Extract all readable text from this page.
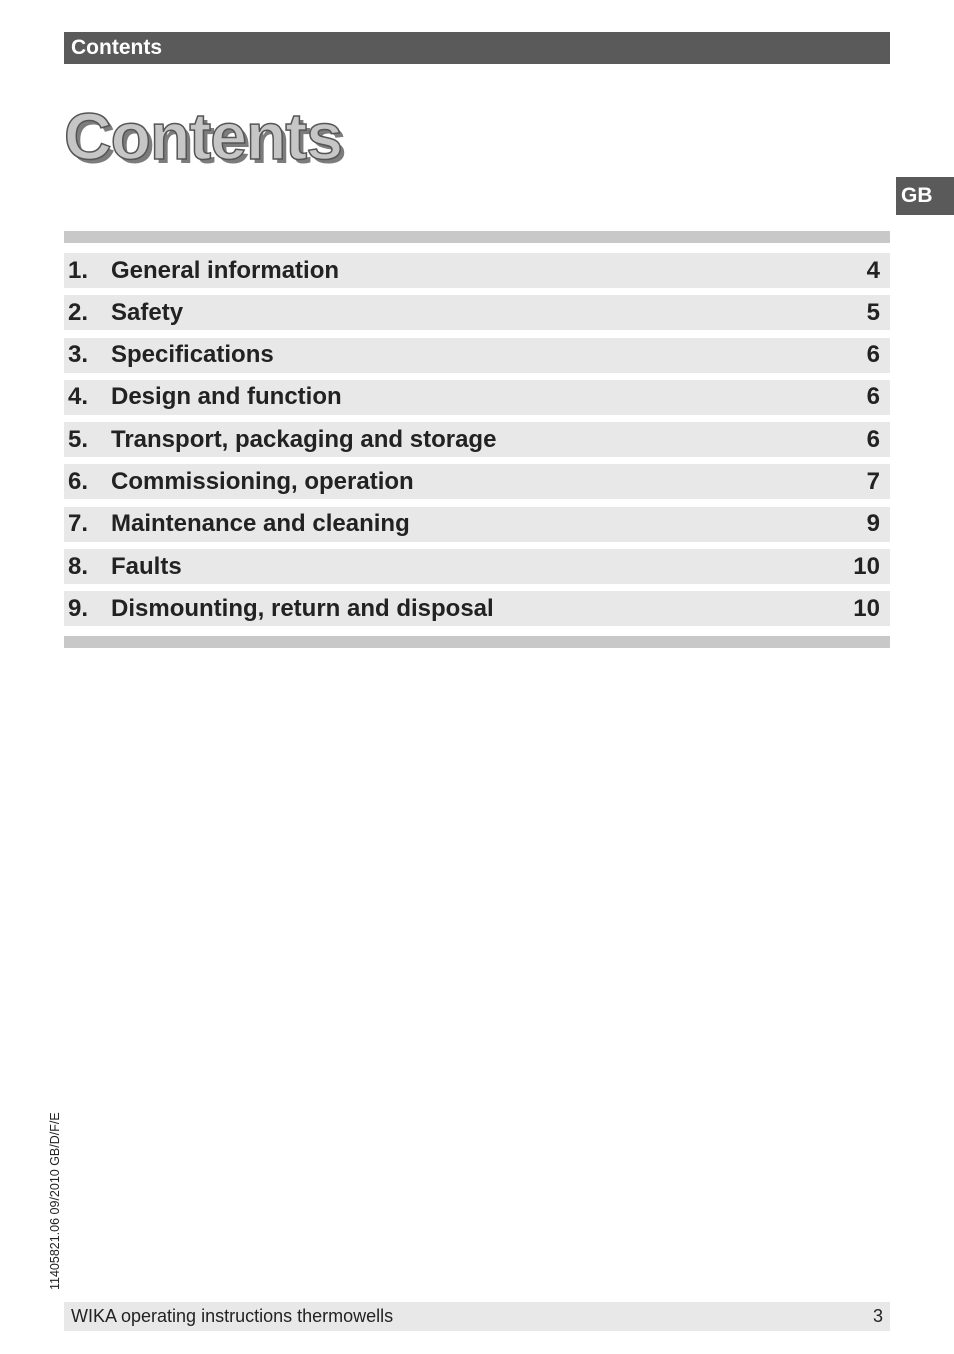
Contents
Contents
GB
1. General information	4
2. Safety	5
3. Specifications	6
4. Design and function	6
5. Transport, packaging and storage	6
6. Commissioning, operation	7
7. Maintenance and cleaning	9
8. Faults	10
9. Dismounting, return and disposal	10
11405821.06 09/2010 GB/D/F/E
WIKA operating instructions thermowells	3
